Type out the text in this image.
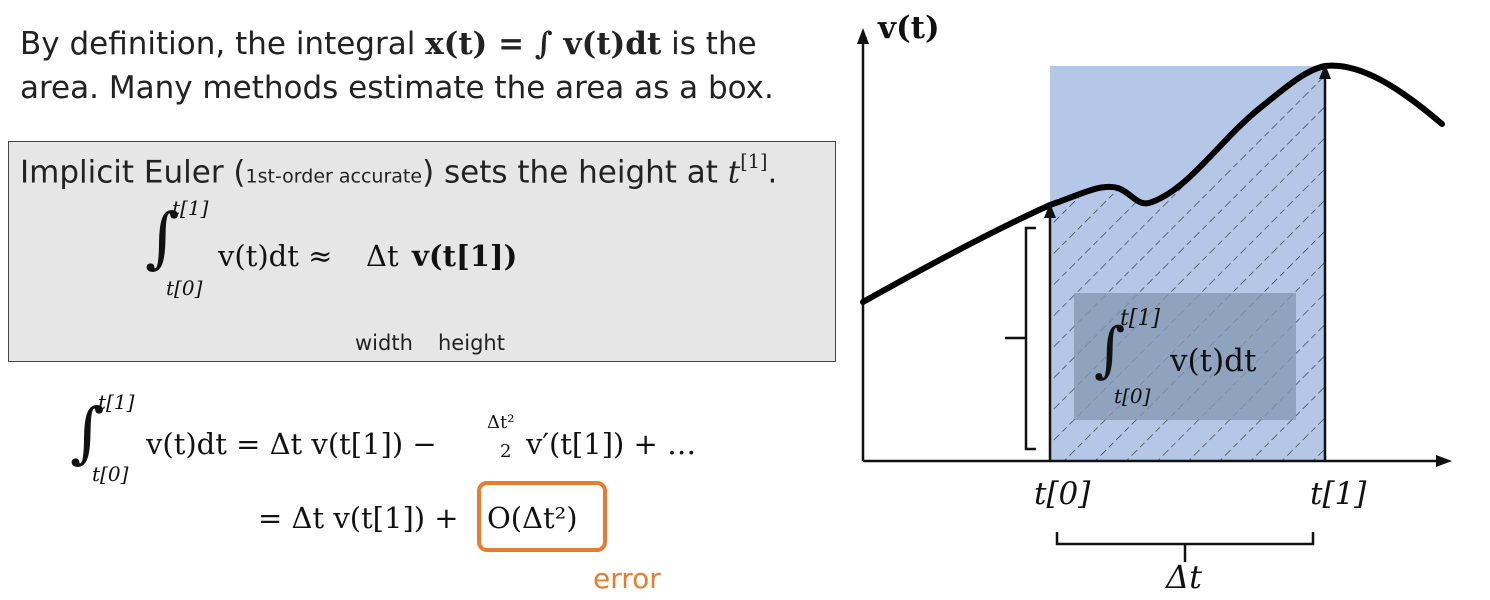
By definition, the integral x(t) = ∫ v(t)dt is the
area. Many methods estimate the area as a box.
Implicit Euler (1st-order accurate) sets the height at t[1].
∫
t[1]
t[0]
v(t)dt ≈ Δt v(t[1])
width height
∫
t[1]
t[0]
v(t)dt = Δt v(t[1]) −
Δt²
2 v′(t[1]) + …
= Δt v(t[1]) + O(Δt²)
error
v(t)
t[0]	t[1]
Δt
∫
t[1]
t[0]
v(t)dt
